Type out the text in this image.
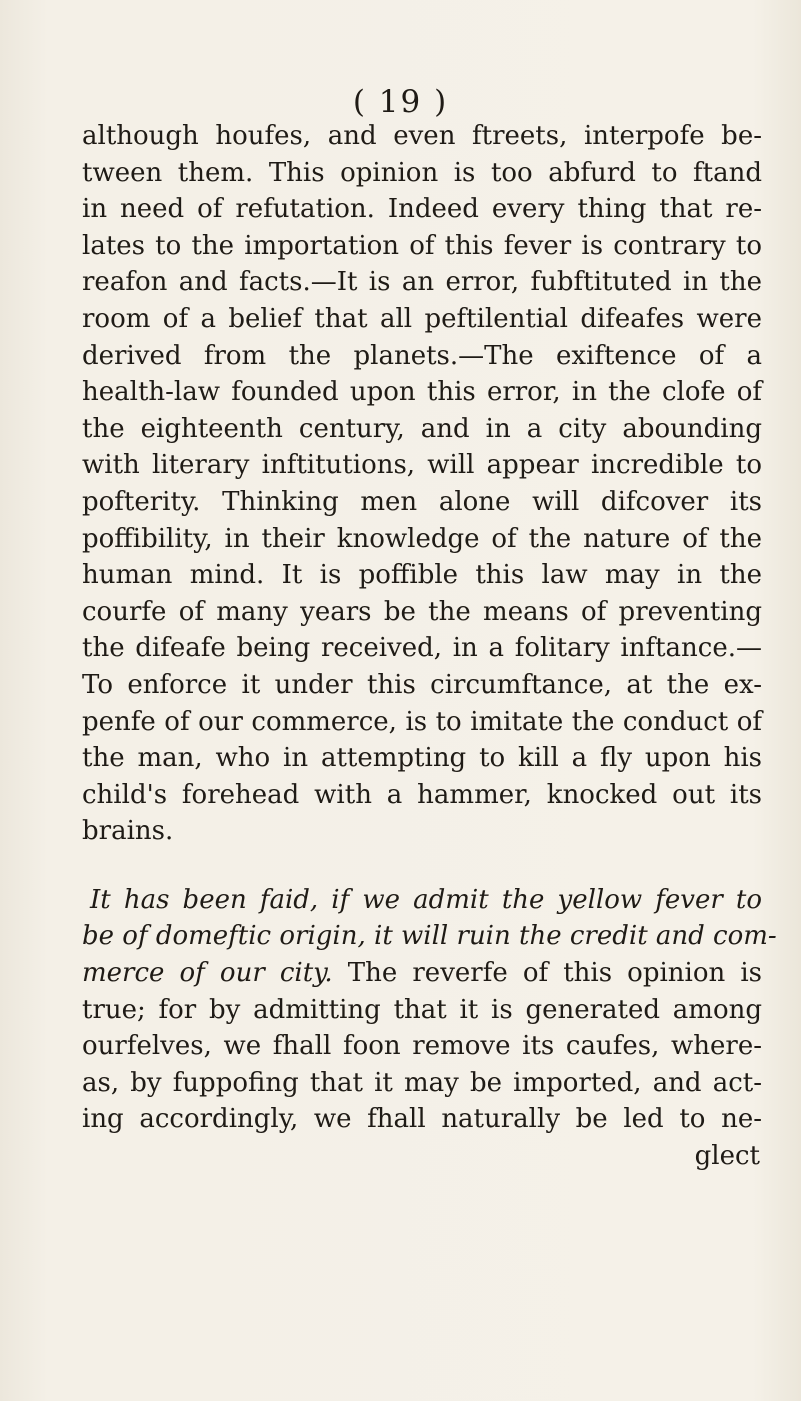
( 19 )
although houfes, and even ftreets, interpofe be-
tween them. This opinion is too abfurd to ftand
in need of refutation. Indeed every thing that re-
lates to the importation of this fever is contrary to
reafon and facts.—It is an error, fubftituted in the
room of a belief that all peftilential difeafes were
derived from the planets.—The exiftence of a
health-law founded upon this error, in the clofe of
the eighteenth century, and in a city abounding
with literary inftitutions, will appear incredible to
pofterity. Thinking men alone will difcover its
poffibility, in their knowledge of the nature of the
human mind. It is poffible this law may in the
courfe of many years be the means of preventing
the difeafe being received, in a folitary inftance.—
To enforce it under this circumftance, at the ex-
penfe of our commerce, is to imitate the conduct of
the man, who in attempting to kill a fly upon his
child's forehead with a hammer, knocked out its
brains.
It has been faid, if we admit the yellow fever to
be of domeftic origin, it will ruin the credit and com-
merce of our city. The reverfe of this opinion is
true; for by admitting that it is generated among
ourfelves, we fhall foon remove its caufes, where-
as, by fuppofing that it may be imported, and act-
ing accordingly, we fhall naturally be led to ne-
glect
